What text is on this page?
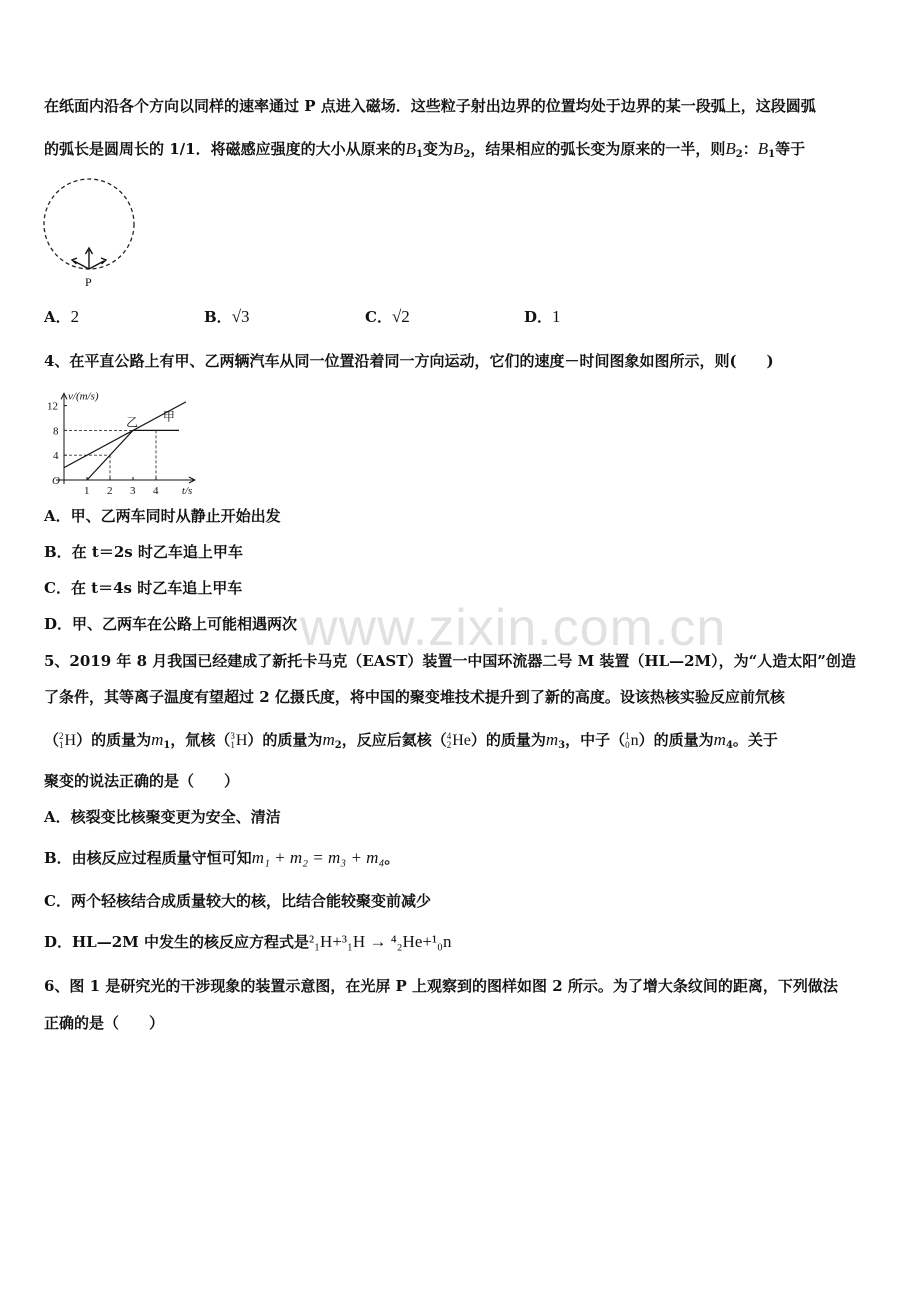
在纸面内沿各个方向以同样的速率通过 P 点进入磁场．这些粒子射出边界的位置均处于边界的某一段弧上，这段圆弧
的弧长是圆周长的 1/1．将磁感应强度的大小从原来的$B_1$变为$B_2$，结果相应的弧长变为原来的一半，则$B_2$：$B_1$等于
P
A．2	B．√3	C．√2	D．1
4、在平直公路上有甲、乙两辆汽车从同一位置沿着同一方向运动，它们的速度－时间图象如图所示，则(　　)
v/(m/s)
t/s
O
1 2 3 4
4
8
12
甲
乙
A．甲、乙两车同时从静止开始出发
B．在 t＝2s 时乙车追上甲车
C．在 t＝4s 时乙车追上甲车
D．甲、乙两车在公路上可能相遇两次 www.zixin.com.cn
5、2019 年 8 月我国已经建成了新托卡马克（EAST）装置一中国环流器二号 M 装置（HL—2M），为“人造太阳”创造
了条件，其等离子温度有望超过 2 亿摄氏度，将中国的聚变堆技术提升到了新的高度。设该热核实验反应前氘核
（ 2
1 H）的质量为$m_1$，氚核（ 3
1 H）的质量为$m_2$，反应后氦核（ 4
2 He）的质量为$m_3$，中子（ 1
0 n）的质量为$m_4$。关于
聚变的说法正确的是（　　）
A．核裂变比核聚变更为安全、清洁
B．由核反应过程质量守恒可知m₁ + m₂ = m₃ + m₄。
C．两个轻核结合成质量较大的核，比结合能较聚变前减少
D．HL—2M 中发生的核反应方程式是²₁H+³₁H → ⁴₂He+¹₀n
6、图 1 是研究光的干涉现象的装置示意图，在光屏 P 上观察到的图样如图 2 所示。为了增大条纹间的距离，下列做法
正确的是（　　）
